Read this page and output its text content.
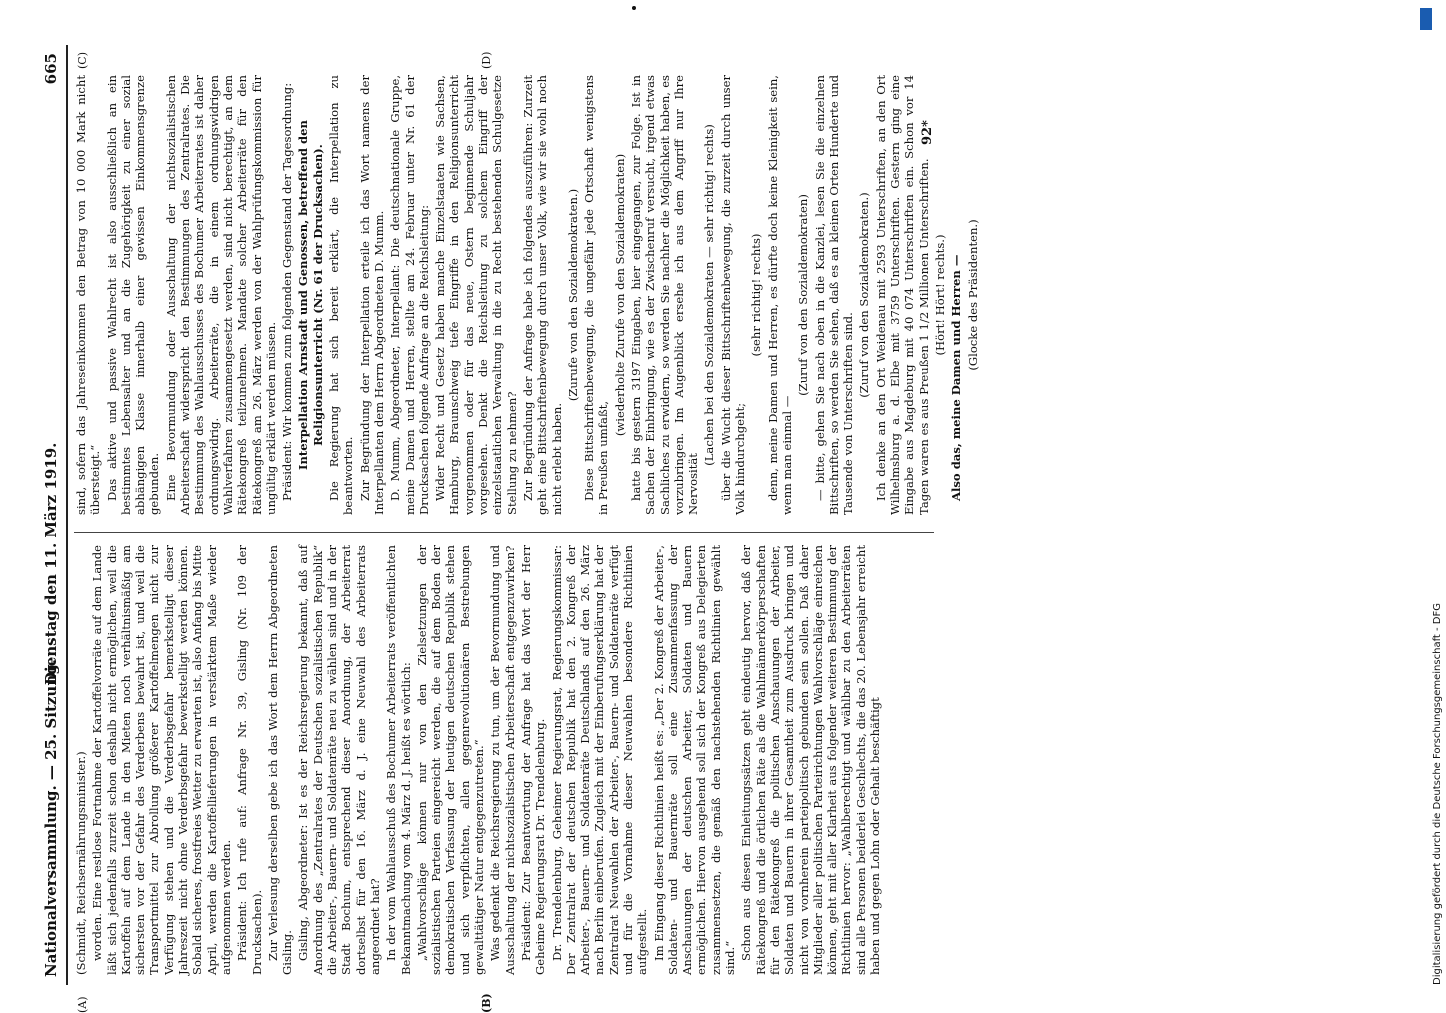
Nationalversammlung. — 25. Sitzung.
Dienstag den 11. März 1919.
665
(A)	(B)
(C)	(D)

(Schmidt, Reichsernährungsminister.) worden. Eine restlose Fortnahme der Kartoffelvorräte auf dem Lande läßt sich jedenfalls zurzeit schon deshalb nicht ermöglichen, weil die Kartoffeln auf dem Lande in den Mieten noch verhältnismäßig am sichersten vor der Gefahr des Verderbens bewahrt ist, und weil die Transportmittel zur Abrollung größerer Kartoffelmengen nicht zur Verfügung stehen und die Verderbsgefahr bemerkstelligt dieser Jahreszeit nicht ohne Verderbsgefahr bewerkstelligt werden können. Sobald sicheres, frostfreies Wetter zu erwarten ist, also Anfang bis Mitte April, werden die Kartoffellieferungen in verstärktem Maße wieder aufgenommen werden. Präsident: Ich rufe auf: Anfrage Nr. 39, Gisling (Nr. 109 der Drucksachen). Zur Verlesung derselben gebe ich das Wort dem Herrn Abgeordneten Gisling. Gisling, Abgeordneter: Ist es der Reichsregierung bekannt, daß auf Anordnung des „Zentralrates der Deutschen sozialistischen Republik“ die Arbeiter-, Bauern- und Soldatenräte neu zu wählen sind und in der Stadt Bochum, entsprechend dieser Anordnung, der Arbeiterrat dortselbst für den 16. März d. J. eine Neuwahl des Arbeiterrats angeordnet hat? In der vom Wahlausschuß des Bochumer Arbeiterrats veröffentlichten Bekanntmachung vom 4. März d. J. heißt es wörtlich: „Wahlvorschläge können nur von den Zielsetzungen der sozialistischen Parteien eingereicht werden, die auf dem Boden der demokratischen Verfassung der heutigen deutschen Republik stehen und sich verpflichten, allen gegenrevolutionären Bestrebungen gewalttätiger Natur entgegenzutreten.“ Was gedenkt die Reichsregierung zu tun, um der Bevormundung und Ausschaltung der nichtsozialistischen Arbeiterschaft entgegenzuwirken? Präsident: Zur Beantwortung der Anfrage hat das Wort der Herr Geheime Regierungsrat Dr. Trendelenburg. Dr. Trendelenburg, Geheimer Regierungsrat, Regierungskommissar: Der Zentralrat der deutschen Republik hat den 2. Kongreß der Arbeiter-, Bauern- und Soldatenräte Deutschlands auf den 26. März nach Berlin einberufen. Zugleich mit der Einberufungserklärung hat der Zentralrat Neuwahlen der Arbeiter-, Bauern- und Soldatenräte verfügt und für die Vornahme dieser Neuwahlen besondere Richtlinien aufgestellt. Im Eingang dieser Richtlinien heißt es: „Der 2. Kongreß der Arbeiter-, Soldaten- und Bauernräte soll eine Zusammenfassung der Anschauungen der deutschen Arbeiter, Soldaten und Bauern ermöglichen. Hiervon ausgehend soll sich der Kongreß aus Delegierten zusammensetzen, die gemäß den nachstehenden Richtlinien gewählt sind.“ Schon aus diesen Einleitungssätzen geht eindeutig hervor, daß der Rätekongreß und die örtlichen Räte als die Wahlmännerkörperschaften für den Rätekongreß die politischen Anschauungen der Arbeiter, Soldaten und Bauern in ihrer Gesamtheit zum Ausdruck bringen und nicht von vornherein parteipolitisch gebunden sein sollen. Daß daher Mitglieder aller politischen Parteirichtungen Wahlvorschläge einreichen können, geht mit aller Klarheit aus folgender weiteren Bestimmung der Richtlinien hervor: „Wahlberechtigt und wählbar zu den Arbeiterräten sind alle Personen beiderlei Geschlechts, die das 20. Lebensjahr erreicht haben und gegen Lohn oder Gehalt beschäftigt

sind, sofern das Jahreseinkommen den Betrag von 10 000 Mark nicht übersteigt.“ Das aktive und passive Wahlrecht ist also ausschließlich an ein bestimmtes Lebensalter und an die Zugehörigkeit zu einer sozial abhängigen Klasse innerhalb einer gewissen Einkommensgrenze gebunden. Eine Bevormundung oder Ausschaltung der nichtsozialistischen Arbeiterschaft widerspricht den Bestimmungen des Zentralrates. Die Bestimmung des Wahlausschusses des Bochumer Arbeiterrates ist daher ordnungswidrig. Arbeiterräte, die in einem ordnungswidrigen Wahlverfahren zusammengesetzt werden, sind nicht berechtigt, an dem Rätekongreß teilzunehmen. Mandate solcher Arbeiterräte für den Rätekongreß am 26. März werden von der Wahlprüfungskommission für ungültig erklärt werden müssen. Präsident: Wir kommen zum folgenden Gegenstand der Tagesordnung: Interpellation Arnstadt und Genossen, betreffend den Religionsunterricht (Nr. 61 der Drucksachen). Die Regierung hat sich bereit erklärt, die Interpellation zu beantworten. Zur Begründung der Interpellation erteile ich das Wort namens der Interpellanten dem Herrn Abgeordneten D. Mumm. D. Mumm, Abgeordneter, Interpellant: Die deutschnationale Gruppe, meine Damen und Herren, stellte am 24. Februar unter Nr. 61 der Drucksachen folgende Anfrage an die Reichsleitung: Wider Recht und Gesetz haben manche Einzelstaaten wie Sachsen, Hamburg, Braunschweig tiefe Eingriffe in den Religionsunterricht vorgenommen oder für das neue, Ostern beginnende Schuljahr vorgesehen. Denkt die Reichsleitung zu solchem Eingriff der einzelstaatlichen Verwaltung in die zu Recht bestehenden Schulgesetze Stellung zu nehmen? Zur Begründung der Anfrage habe ich folgendes auszuführen: Zurzeit geht eine Bittschriftenbewegung durch unser Volk, wie wir sie wohl noch nicht erlebt haben.

(Zurufe von den Sozialdemokraten.) Diese Bittschriftenbewegung, die ungefähr jede Ortschaft wenigstens in Preußen umfaßt,

(wiederholte Zurufe von den Sozialdemokraten) hatte bis gestern 3197 Eingaben, hier eingegangen, zur Folge. Ist in Sachen der Einbringung, wie es der Zwischenruf versucht, irgend etwas Sachliches zu erwidern, so werden Sie nachher die Möglichkeit haben, es vorzubringen. Im Augenblick ersehe ich aus dem Angriff nur Ihre Nervosität

(Lachen bei den Sozialdemokraten — sehr richtig! rechts) über die Wucht dieser Bittschriftenbewegung, die zurzeit durch unser Volk hindurchgeht;

(sehr richtig! rechts) denn, meine Damen und Herren, es dürfte doch keine Kleinigkeit sein, wenn man einmal —

(Zuruf von den Sozialdemokraten) — bitte, gehen Sie nach oben in die Kanzlei, lesen Sie die einzelnen Bittschriften, so werden Sie sehen, daß es an kleinen Orten Hunderte und Tausende von Unterschriften sind.

(Zuruf von den Sozialdemokraten.) Ich denke an den Ort Weidenau mit 2593 Unterschriften, an den Ort Wilhelmsburg a. d. Elbe mit 3759 Unterschriften. Gestern ging eine Eingabe aus Magdeburg mit 40 074 Unterschriften ein. Schon vor 14 Tagen waren es aus Preußen 1 1/2 Millionen Unterschriften. (Hört! Hört! rechts.) Also das, meine Damen und Herren — (Glocke des Präsidenten.)

92*
Digitalisierung gefördert durch die Deutsche Forschungsgemeinschaft - DFG
